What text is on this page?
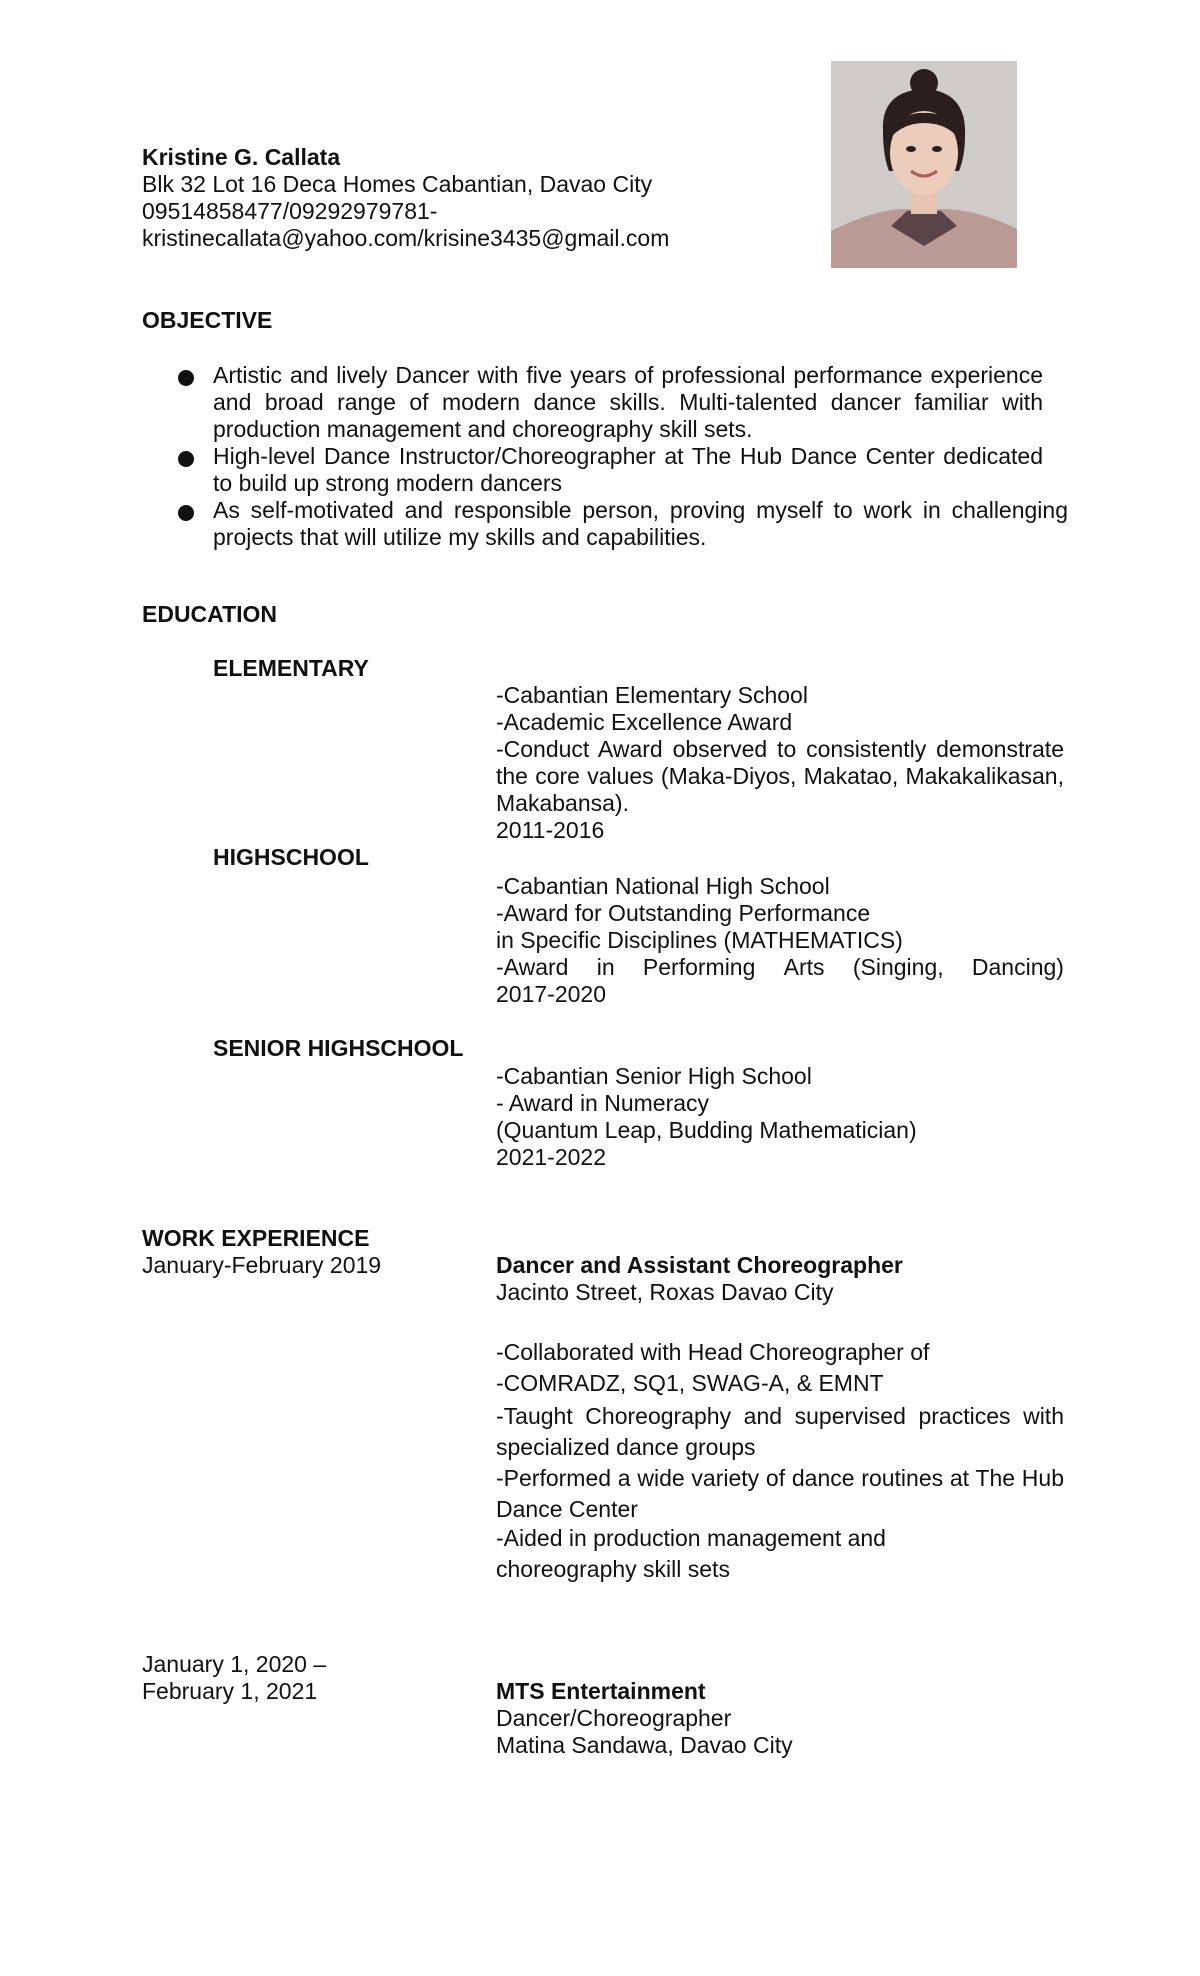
Kristine G. Callata
Blk 32 Lot 16 Deca Homes Cabantian, Davao City
09514858477/09292979781-
kristinecallata@yahoo.com/krisine3435@gmail.com
OBJECTIVE
Artistic and lively Dancer with five years of professional performance experience and broad range of modern dance skills. Multi-talented dancer familiar with production management and choreography skill sets.
High-level Dance Instructor/Choreographer at The Hub Dance Center dedicated to build up strong modern dancers
As self-motivated and responsible person, proving myself to work in challenging projects that will utilize my skills and capabilities.
EDUCATION
ELEMENTARY
-Cabantian Elementary School
-Academic Excellence Award
-Conduct Award observed to consistently demonstrate the core values (Maka-Diyos, Makatao, Makakalikasan, Makabansa).
2011-2016
HIGHSCHOOL
-Cabantian National High School
-Award for Outstanding Performance
in Specific Disciplines (MATHEMATICS)
-Award in Performing Arts (Singing, Dancing)
2017-2020
SENIOR HIGHSCHOOL
-Cabantian Senior High School
- Award in Numeracy
(Quantum Leap, Budding Mathematician)
2021-2022
WORK EXPERIENCE
January-February 2019	Dancer and Assistant Choreographer
Jacinto Street, Roxas Davao City
-Collaborated with Head Choreographer of
-COMRADZ, SQ1, SWAG-A, & EMNT
-Taught Choreography and supervised practices with specialized dance groups
-Performed a wide variety of dance routines at The Hub Dance Center
-Aided in production management and
choreography skill sets
January 1, 2020 –
February 1, 2021	MTS Entertainment
Dancer/Choreographer
Matina Sandawa, Davao City
